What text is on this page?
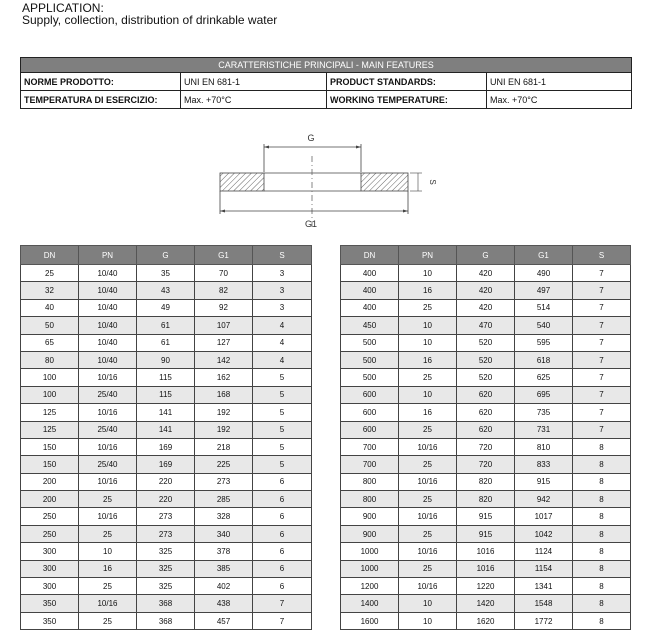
APPLICATION:
Supply, collection, distribution of drinkable water
CARATTERISTICHE PRINCIPALI - MAIN FEATURES			
NORME PRODOTTO:	UNI EN 681-1	PRODUCT STANDARDS:	UNI EN 681-1
TEMPERATURA DI ESERCIZIO:	Max. +70°C	WORKING TEMPERATURE:	Max. +70°C
G
S
G1
DN	PN	G	G1	S
25	10/40	35	70	3
32	10/40	43	82	3
40	10/40	49	92	3
50	10/40	61	107	4
65	10/40	61	127	4
80	10/40	90	142	4
100	10/16	115	162	5
100	25/40	115	168	5
125	10/16	141	192	5
125	25/40	141	192	5
150	10/16	169	218	5
150	25/40	169	225	5
200	10/16	220	273	6
200	25	220	285	6
250	10/16	273	328	6
250	25	273	340	6
300	10	325	378	6
300	16	325	385	6
300	25	325	402	6
350	10/16	368	438	7
350	25	368	457	7
DN	PN	G	G1	S
400	10	420	490	7
400	16	420	497	7
400	25	420	514	7
450	10	470	540	7
500	10	520	595	7
500	16	520	618	7
500	25	520	625	7
600	10	620	695	7
600	16	620	735	7
600	25	620	731	7
700	10/16	720	810	8
700	25	720	833	8
800	10/16	820	915	8
800	25	820	942	8
900	10/16	915	1017	8
900	25	915	1042	8
1000	10/16	1016	1124	8
1000	25	1016	1154	8
1200	10/16	1220	1341	8
1400	10	1420	1548	8
1600	10	1620	1772	8
